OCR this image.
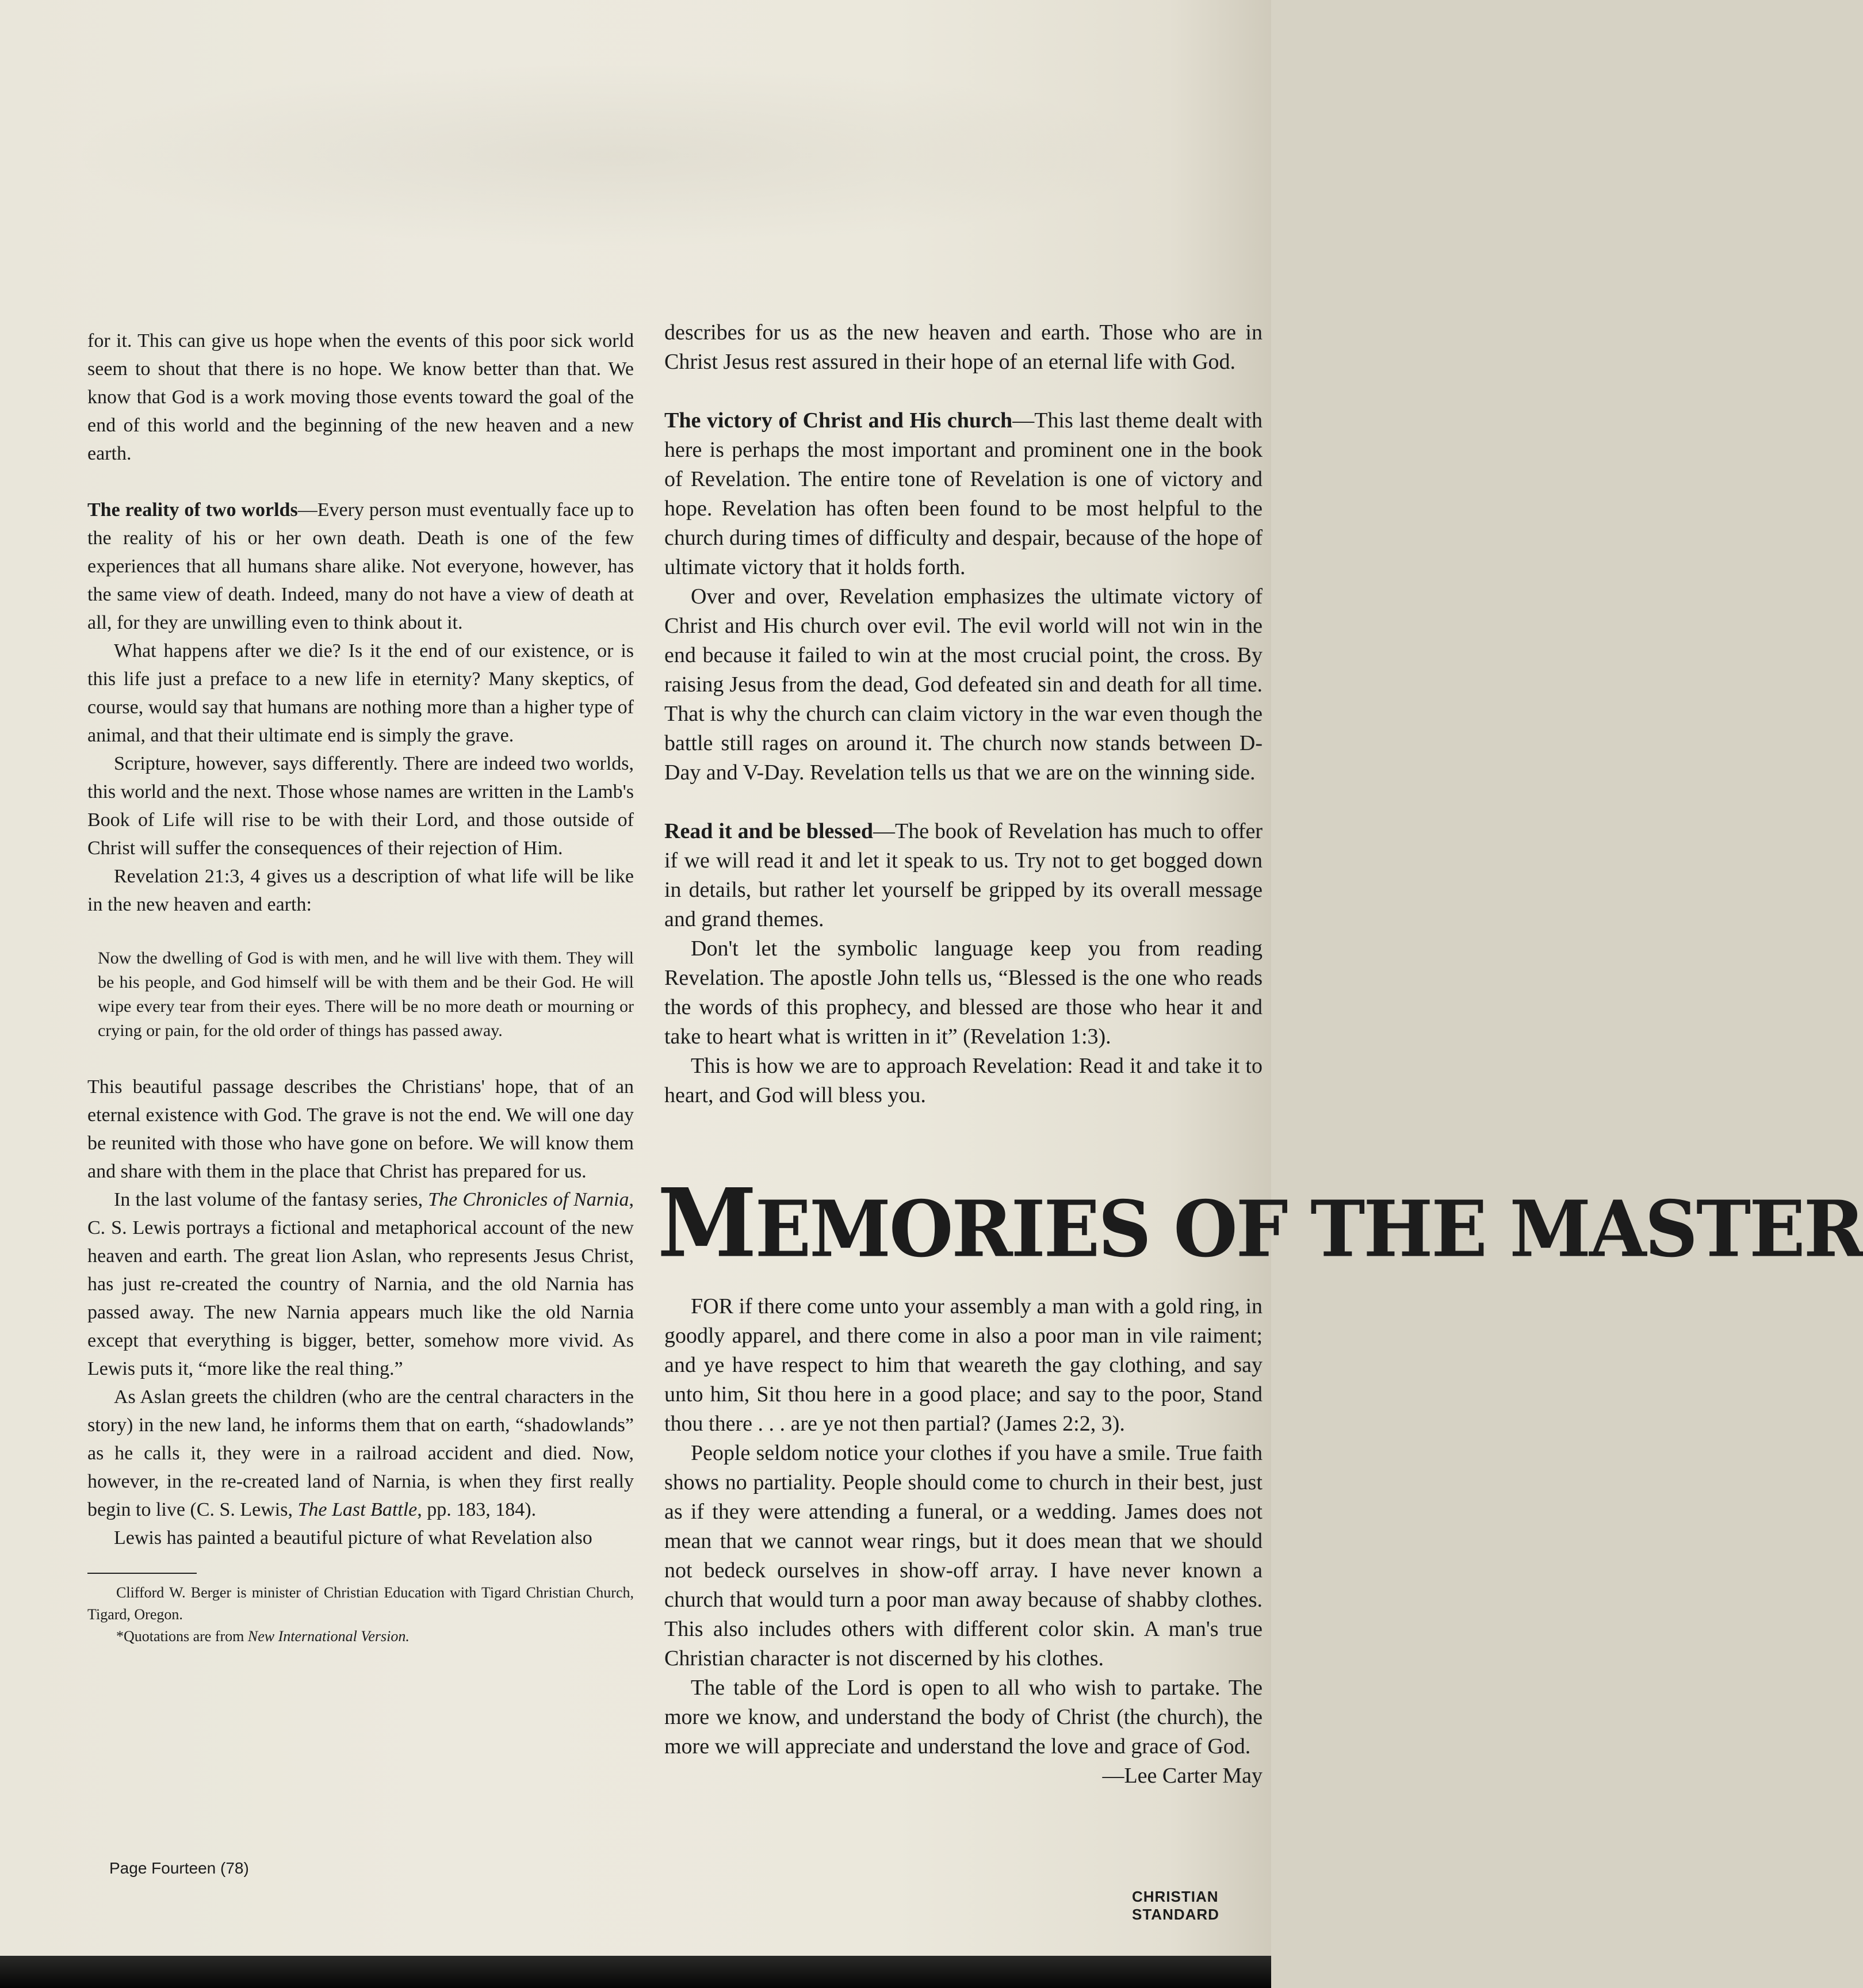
for it. This can give us hope when the events of this poor sick world seem to shout that there is no hope. We know better than that. We know that God is a work moving those events toward the goal of the end of this world and the beginning of the new heaven and a new earth.

The reality of two worlds—Every person must eventually face up to the reality of his or her own death. Death is one of the few experiences that all humans share alike. Not everyone, however, has the same view of death. Indeed, many do not have a view of death at all, for they are unwilling even to think about it.

What happens after we die? Is it the end of our existence, or is this life just a preface to a new life in eternity? Many skeptics, of course, would say that humans are nothing more than a higher type of animal, and that their ultimate end is simply the grave.

Scripture, however, says differently. There are indeed two worlds, this world and the next. Those whose names are written in the Lamb's Book of Life will rise to be with their Lord, and those outside of Christ will suffer the consequences of their rejection of Him.

Revelation 21:3, 4 gives us a description of what life will be like in the new heaven and earth:

Now the dwelling of God is with men, and he will live with them. They will be his people, and God himself will be with them and be their God. He will wipe every tear from their eyes. There will be no more death or mourning or crying or pain, for the old order of things has passed away.

This beautiful passage describes the Christians' hope, that of an eternal existence with God. The grave is not the end. We will one day be reunited with those who have gone on before. We will know them and share with them in the place that Christ has prepared for us.

In the last volume of the fantasy series, The Chronicles of Narnia, C. S. Lewis portrays a fictional and metaphorical account of the new heaven and earth. The great lion Aslan, who represents Jesus Christ, has just re-created the country of Narnia, and the old Narnia has passed away. The new Narnia appears much like the old Narnia except that everything is bigger, better, somehow more vivid. As Lewis puts it, “more like the real thing.”

As Aslan greets the children (who are the central characters in the story) in the new land, he informs them that on earth, “shadowlands” as he calls it, they were in a railroad accident and died. Now, however, in the re-created land of Narnia, is when they first really begin to live (C. S. Lewis, The Last Battle, pp. 183, 184).

Lewis has painted a beautiful picture of what Revelation also

Clifford W. Berger is minister of Christian Education with Tigard Christian Church, Tigard, Oregon.

*Quotations are from New International Version.

describes for us as the new heaven and earth. Those who are in Christ Jesus rest assured in their hope of an eternal life with God.

The victory of Christ and His church—This last theme dealt with here is perhaps the most important and prominent one in the book of Revelation. The entire tone of Revelation is one of victory and hope. Revelation has often been found to be most helpful to the church during times of difficulty and despair, because of the hope of ultimate victory that it holds forth.

Over and over, Revelation emphasizes the ultimate victory of Christ and His church over evil. The evil world will not win in the end because it failed to win at the most crucial point, the cross. By raising Jesus from the dead, God defeated sin and death for all time. That is why the church can claim victory in the war even though the battle still rages on around it. The church now stands between D-Day and V-Day. Revelation tells us that we are on the winning side.

Read it and be blessed—The book of Revelation has much to offer if we will read it and let it speak to us. Try not to get bogged down in details, but rather let yourself be gripped by its overall message and grand themes.

Don't let the symbolic language keep you from reading Revelation. The apostle John tells us, “Blessed is the one who reads the words of this prophecy, and blessed are those who hear it and take to heart what is written in it” (Revelation 1:3).

This is how we are to approach Revelation: Read it and take it to heart, and God will bless you.

MEMORIES OF THE MASTER

FOR if there come unto your assembly a man with a gold ring, in goodly apparel, and there come in also a poor man in vile raiment; and ye have respect to him that weareth the gay clothing, and say unto him, Sit thou here in a good place; and say to the poor, Stand thou there . . . are ye not then partial? (James 2:2, 3).

People seldom notice your clothes if you have a smile. True faith shows no partiality. People should come to church in their best, just as if they were attending a funeral, or a wedding. James does not mean that we cannot wear rings, but it does mean that we should not bedeck ourselves in show-off array. I have never known a church that would turn a poor man away because of shabby clothes. This also includes others with different color skin. A man's true Christian character is not discerned by his clothes.

The table of the Lord is open to all who wish to partake. The more we know, and understand the body of Christ (the church), the more we will appreciate and understand the love and grace of God.

—Lee Carter May

Page Fourteen (78)
CHRISTIAN STANDARD
